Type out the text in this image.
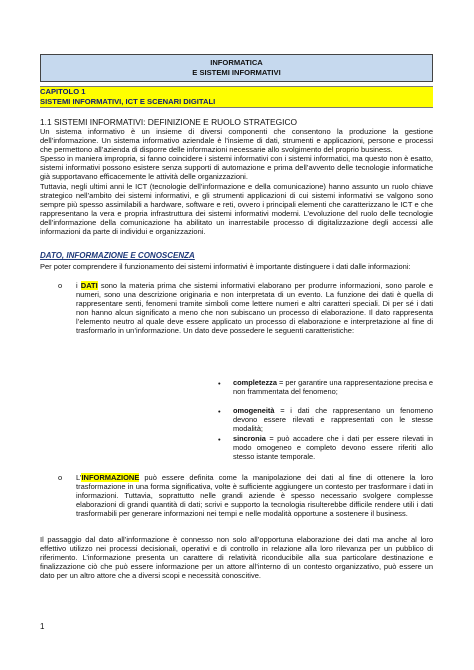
INFORMATICA
E SISTEMI INFORMATIVI
CAPITOLO 1
SISTEMI INFORMATIVI, ICT E SCENARI DIGITALI
1.1 SISTEMI INFORMATIVI: DEFINIZIONE E RUOLO STRATEGICO

Un sistema informativo è un insieme di diversi componenti che consentono la produzione la gestione dell’informazione. Un sistema informativo aziendale è l’insieme di dati, strumenti e applicazioni, persone e processi che permettono all’azienda di disporre delle informazioni necessarie allo svolgimento del proprio business.

Spesso in maniera impropria, si fanno coincidere i sistemi informativi con i sistemi informatici, ma questo non è esatto, sistemi informativi possono esistere senza supporti di automazione e prima dell’avvento delle tecnologie informatiche già supportavano efficacemente le attività delle organizzazioni.

Tuttavia, negli ultimi anni le ICT (tecnologie dell’informazione e della comunicazione) hanno assunto un ruolo chiave strategico nell’ambito dei sistemi informativi, e gli strumenti applicazioni di cui sistemi informativi se valgono sono sempre più spesso assimilabili a hardware, software e reti, ovvero i principali elementi che caratterizzano le ICT e che rappresentano la vera e propria infrastruttura dei sistemi informativi moderni. L’evoluzione del ruolo delle tecnologie dell’informazione della comunicazione ha abilitato un inarrestabile processo di digitalizzazione degli accessi alle informazioni da parte di individui e organizzazioni.

DATO, INFORMAZIONE E CONOSCENZA
Per poter comprendere il funzionamento dei sistemi informativi è importante distinguere i dati dalle informazioni:
o i DATI sono la materia prima che sistemi informativi elaborano per produrre informazioni, sono parole e numeri, sono una descrizione originaria e non interpretata di un evento. La funzione dei dati è quella di rappresentare senti, fenomeni tramite simboli come lettere numeri e altri caratteri speciali. Di per sé i dati non hanno alcun significato a meno che non subiscano un processo di elaborazione. Il dato rappresenta l’elemento neutro al quale deve essere applicato un processo di elaborazione e interpretazione al fine di trasformarlo in un’informazione. Un dato deve possedere le seguenti caratteristiche:
• completezza = per garantire una rappresentazione precisa e non frammentata del fenomeno;
• omogeneità = i dati che rappresentano un fenomeno devono essere rilevati e rappresentati con le stesse modalità;
• sincronia = può accadere che i dati per essere rilevati in modo omogeneo e completo devono essere riferiti allo stesso istante temporale.
o L’INFORMAZIONE può essere definita come la manipolazione dei dati al fine di ottenere la loro trasformazione in una forma significativa, volte è sufficiente aggiungere un contesto per trasformare i dati in informazioni. Tuttavia, soprattutto nelle grandi aziende è spesso necessario svolgere complesse elaborazioni di grandi quantità di dati; scrivi e supporto la tecnologia risulterebbe difficile rendere utili i dati trasformabili per generare informazioni nei tempi e nelle modalità opportune a sostenere il business.
Il passaggio dal dato all’informazione è connesso non solo all’opportuna elaborazione dei dati ma anche al loro effettivo utilizzo nei processi decisionali, operativi e di controllo in relazione alla loro rilevanza per un pubblico di riferimento. L’informazione presenta un carattere di relatività riconducibile alla sua particolare destinazione e finalizzazione ciò che può essere informazione per un attore all’interno di un contesto organizzativo, può essere un dato per un altro attore che a diversi scopi e necessità conoscitive.
1
